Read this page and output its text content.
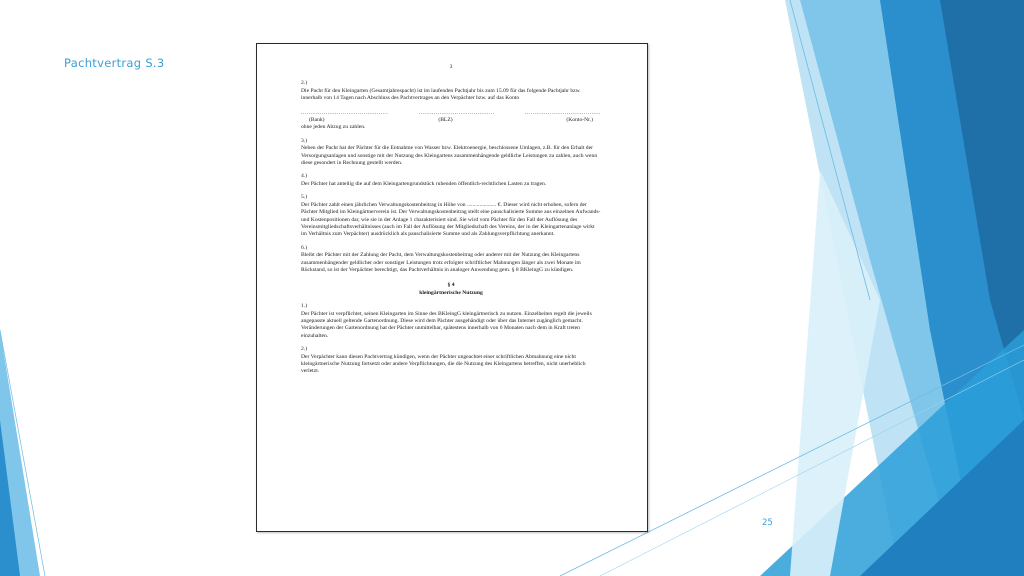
Pachtvertrag S.3	3

2.)

Die Pacht für den Kleingarten (Gesamtjahrespacht) ist im laufenden Pachtjahr bis zum 15.09 für das folgende Pachtjahr bzw. innerhalb von 14 Tagen nach Abschluss des Pachtvertrages an den Verpächter bzw. auf das Konto

..............................................	........................................	........................................
(Bank)	(BLZ)	(Konto-Nr.)

ohne jeden Abzug zu zahlen.

3.)

Neben der Pacht hat der Pächter für die Entnahme von Wasser bzw. Elektroenergie, beschlossene Umlagen, z.B. für den Erhalt der Versorgungsanlagen und sonstige mit der Nutzung des Kleingartens zusammenhängende geldliche Leistungen zu zahlen, auch wenn diese gesondert in Rechnung gestellt werden.

4.)

Der Pächter hat anteilig die auf dem Kleingartengrundstück ruhenden öffentlich-rechtlichen Lasten zu tragen.

5.)

Der Pächter zahlt einen jährlichen Verwaltungskostenbeitrag in Höhe von ..................... €. Dieser wird nicht erhoben, sofern der Pächter Mitglied im Kleingärtnerverein ist. Der Verwaltungskostenbeitrag stellt eine pauschalisierte Summe aus einzelnen Aufwands- und Kostenpositionen dar, wie sie in der Anlage 1 charakterisiert sind. Sie wird vom Pächter für den Fall der Auflösung des Vereinsmitgliedschaftsverhältnisses (auch im Fall der Auflösung der Mitgliedschaft des Vereins, der in der Kleingartenanlage wirkt im Verhältnis zum Verpächter) ausdrücklich als pauschalisierte Summe und als Zahlungsverpflichtung anerkannt.

6.)

Bleibt der Pächter mit der Zahlung der Pacht, dem Verwaltungskostenbeitrag oder anderer mit der Nutzung des Kleingartens zusammenhängender geldlicher oder sonstiger Leistungen trotz erfolgter schriftlicher Mahnungen länger als zwei Monate im Rückstand, so ist der Verpächter berechtigt, das Pachtverhältnis in analoger Anwendung gem. § 8 BKleingG zu kündigen.

§ 4

kleingärtnerische Nutzung

1.)

Der Pächter ist verpflichtet, seinen Kleingarten im Sinne des BKleingG kleingärtnerisch zu nutzen. Einzelheiten regelt die jeweils angepasste aktuell geltende Gartenordnung. Diese wird dem Pächter ausgehändigt oder über das Internet zugänglich gemacht. Veränderungen der Gartenordnung hat der Pächter unmittelbar, spätestens innerhalb von 6 Monaten nach dem in Kraft treten einzuhalten.

2.)

Der Verpächter kann diesen Pachtvertrag kündigen, wenn der Pächter ungeachtet einer schriftlichen Abmahnung eine nicht kleingärtnerische Nutzung fortsetzt oder andere Verpflichtungen, die die Nutzung des Kleingartens betreffen, nicht unerheblich verletzt.

25
